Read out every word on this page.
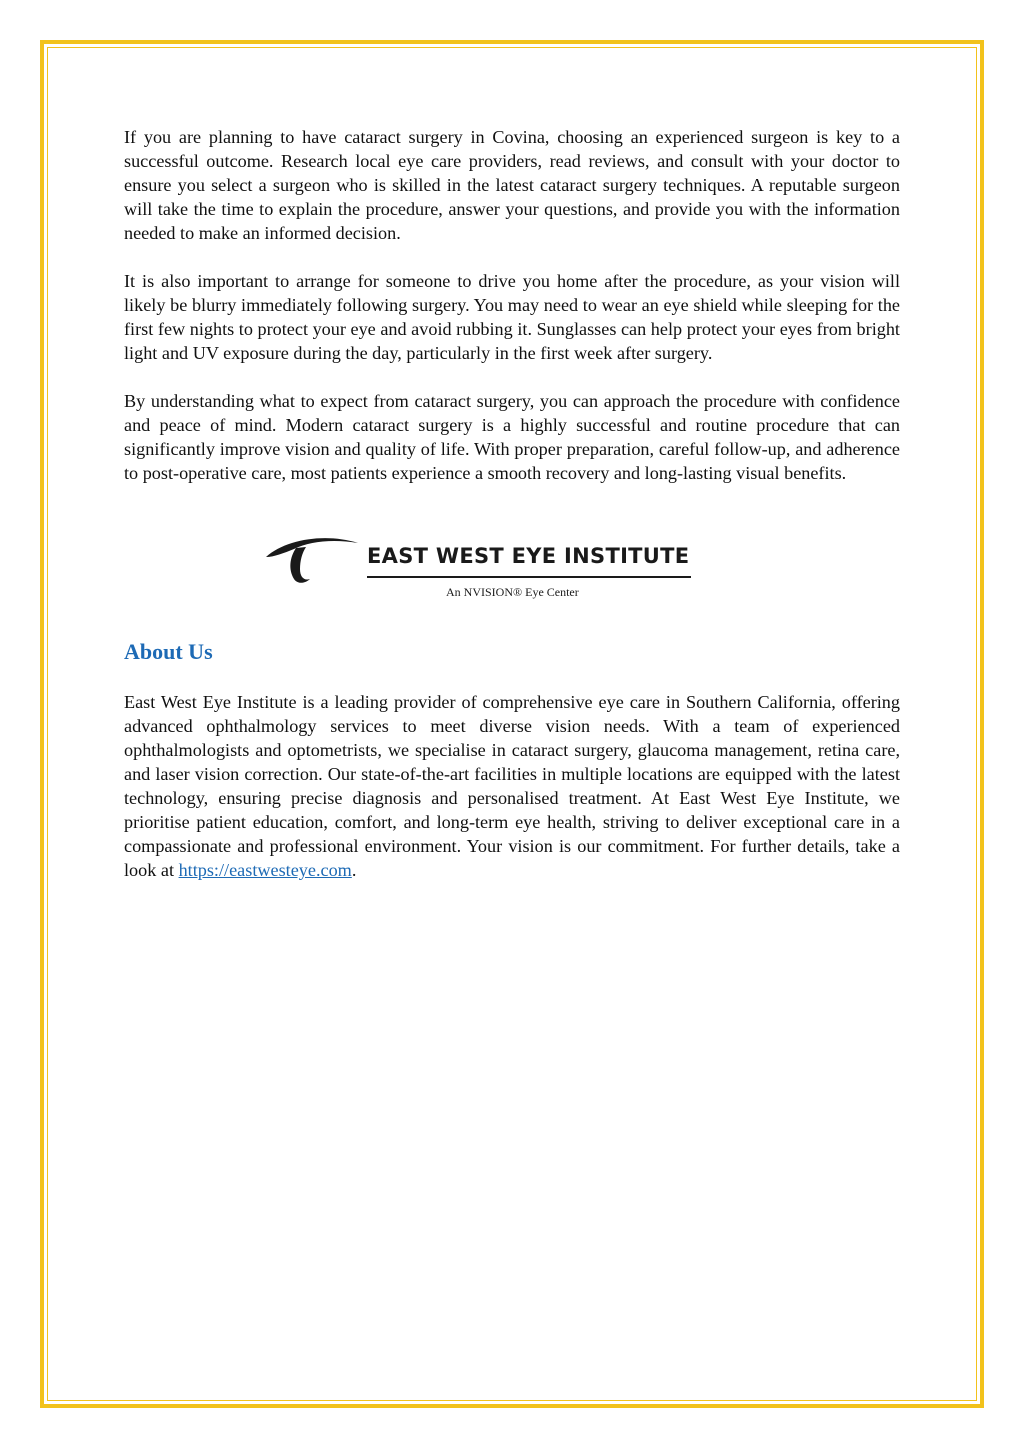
If you are planning to have cataract surgery in Covina, choosing an experienced surgeon is key to a successful outcome. Research local eye care providers, read reviews, and consult with your doctor to ensure you select a surgeon who is skilled in the latest cataract surgery techniques. A reputable surgeon will take the time to explain the procedure, answer your questions, and provide you with the information needed to make an informed decision.

It is also important to arrange for someone to drive you home after the procedure, as your vision will likely be blurry immediately following surgery. You may need to wear an eye shield while sleeping for the first few nights to protect your eye and avoid rubbing it. Sunglasses can help protect your eyes from bright light and UV exposure during the day, particularly in the first week after surgery.

By understanding what to expect from cataract surgery, you can approach the procedure with confidence and peace of mind. Modern cataract surgery is a highly successful and routine procedure that can significantly improve vision and quality of life. With proper preparation, careful follow-up, and adherence to post-operative care, most patients experience a smooth recovery and long-lasting visual benefits.

EAST WEST EYE INSTITUTE
An NVISION® Eye Center
About Us

East West Eye Institute is a leading provider of comprehensive eye care in Southern California, offering advanced ophthalmology services to meet diverse vision needs. With a team of experienced ophthalmologists and optometrists, we specialise in cataract surgery, glaucoma management, retina care, and laser vision correction. Our state-of-the-art facilities in multiple locations are equipped with the latest technology, ensuring precise diagnosis and personalised treatment. At East West Eye Institute, we prioritise patient education, comfort, and long-term eye health, striving to deliver exceptional care in a compassionate and professional environment. Your vision is our commitment. For further details, take a look at https://eastwesteye.com.
